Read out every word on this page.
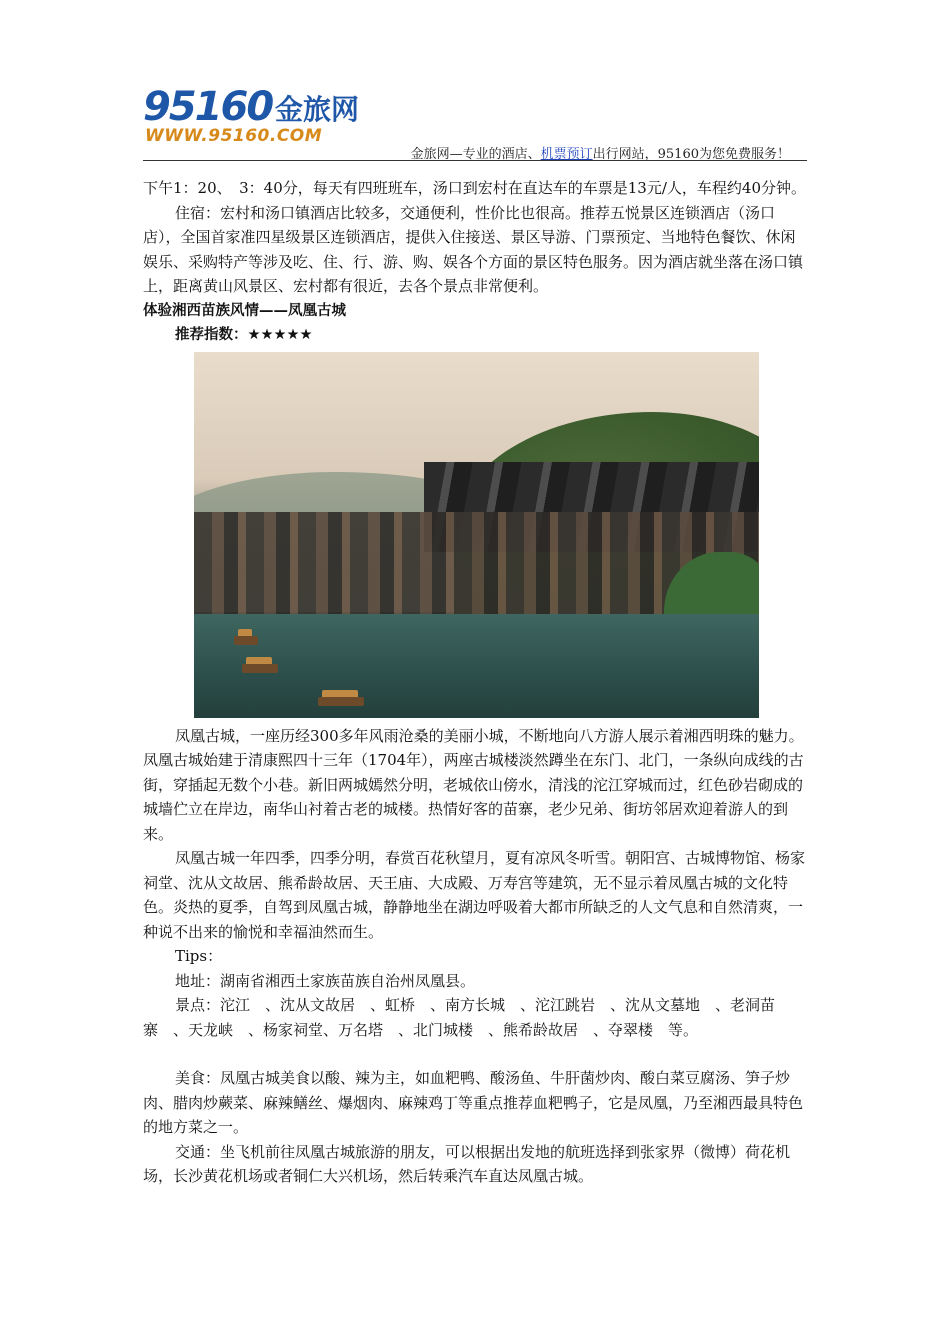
95160 金旅网
WWW.95160.COM
金旅网—专业的酒店、机票预订出行网站，95160为您免费服务！

下午1：20、　3：40分，每天有四班班车，汤口到宏村在直达车的车票是13元/人，车程约40分钟。

住宿：宏村和汤口镇酒店比较多，交通便利，性价比也很高。推荐五悦景区连锁酒店（汤口店），全国首家准四星级景区连锁酒店，提供入住接送、景区导游、门票预定、当地特色餐饮、休闲娱乐、采购特产等涉及吃、住、行、游、购、娱各个方面的景区特色服务。因为酒店就坐落在汤口镇上，距离黄山风景区、宏村都有很近，去各个景点非常便利。

体验湘西苗族风情——凤凰古城

推荐指数：★★★★★

凤凰古城，一座历经300多年风雨沧桑的美丽小城，不断地向八方游人展示着湘西明珠的魅力。凤凰古城始建于清康熙四十三年（1704年），两座古城楼淡然蹲坐在东门、北门，一条纵向成线的古街，穿插起无数个小巷。新旧两城嫣然分明，老城依山傍水，清浅的沱江穿城而过，红色砂岩砌成的城墙伫立在岸边，南华山衬着古老的城楼。热情好客的苗寨，老少兄弟、街坊邻居欢迎着游人的到来。

凤凰古城一年四季，四季分明，春赏百花秋望月，夏有凉风冬听雪。朝阳宫、古城博物馆、杨家祠堂、沈从文故居、熊希龄故居、天王庙、大成殿、万寿宫等建筑，无不显示着凤凰古城的文化特色。炎热的夏季，自驾到凤凰古城，静静地坐在湖边呼吸着大都市所缺乏的人文气息和自然清爽，一种说不出来的愉悦和幸福油然而生。

Tips：

地址：湖南省湘西土家族苗族自治州凤凰县。

景点：沱江　、沈从文故居　、虹桥　、南方长城　、沱江跳岩　、沈从文墓地　、老洞苗寨　、天龙峡　、杨家祠堂、万名塔　、北门城楼　、熊希龄故居　、夺翠楼　等。

美食：凤凰古城美食以酸、辣为主，如血粑鸭、酸汤鱼、牛肝菌炒肉、酸白菜豆腐汤、笋子炒肉、腊肉炒蕨菜、麻辣鳝丝、爆烟肉、麻辣鸡丁等重点推荐血粑鸭子，它是凤凰，乃至湘西最具特色的地方菜之一。

交通：坐飞机前往凤凰古城旅游的朋友，可以根据出发地的航班选择到张家界（微博）荷花机场，长沙黄花机场或者铜仁大兴机场，然后转乘汽车直达凤凰古城。
